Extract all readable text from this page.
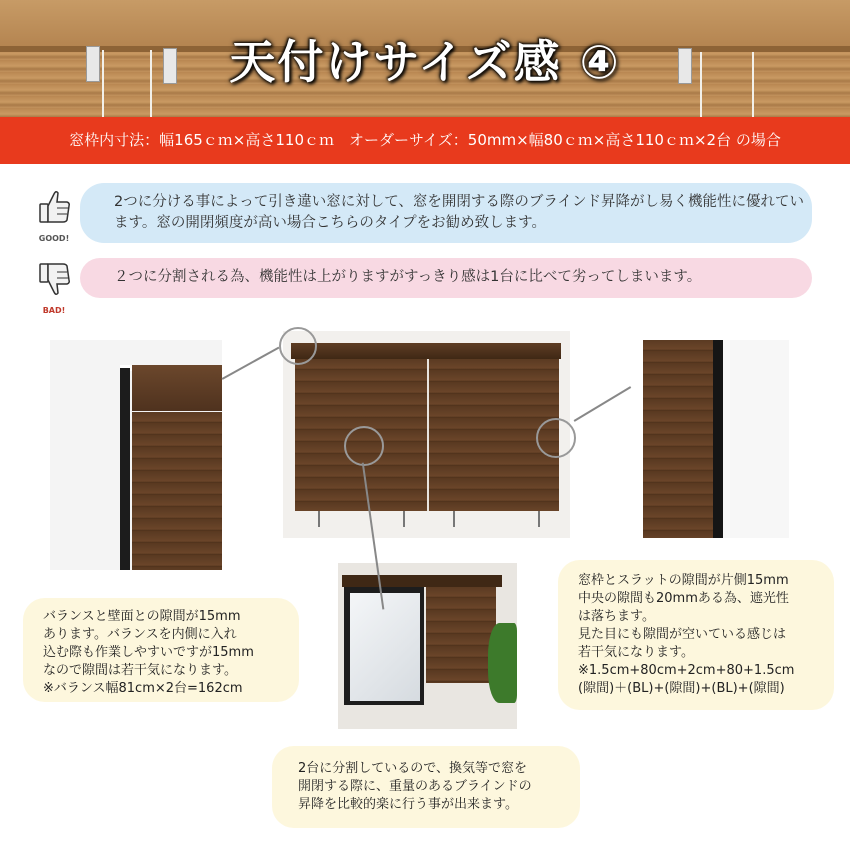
天付けサイズ感 ④
窓枠内寸法：幅165ｃｍ×高さ110ｃｍ　オーダーサイズ：50mm×幅80ｃｍ×高さ110ｃｍ×2台 の場合
GOOD!
2つに分ける事によって引き違い窓に対して、窓を開閉する際のブラインド昇降がし易く機能性に優れています。窓の開閉頻度が高い場合こちらのタイプをお勧め致します。
BAD!
２つに分割される為、機能性は上がりますがすっきり感は1台に比べて劣ってしまいます。
バランスと壁面との隙間が15mm
あります。バランスを内側に入れ
込む際も作業しやすいですが15mm
なので隙間は若干気になります。
※バランス幅81cm×2台=162cm
窓枠とスラットの隙間が片側15mm
中央の隙間も20mmある為、遮光性
は落ちます。
見た目にも隙間が空いている感じは
若干気になります。
※1.5cm+80cm+2cm+80+1.5cm
(隙間)＋(BL)+(隙間)+(BL)+(隙間)
2台に分割しているので、換気等で窓を
開閉する際に、重量のあるブラインドの
昇降を比較的楽に行う事が出来ます。
